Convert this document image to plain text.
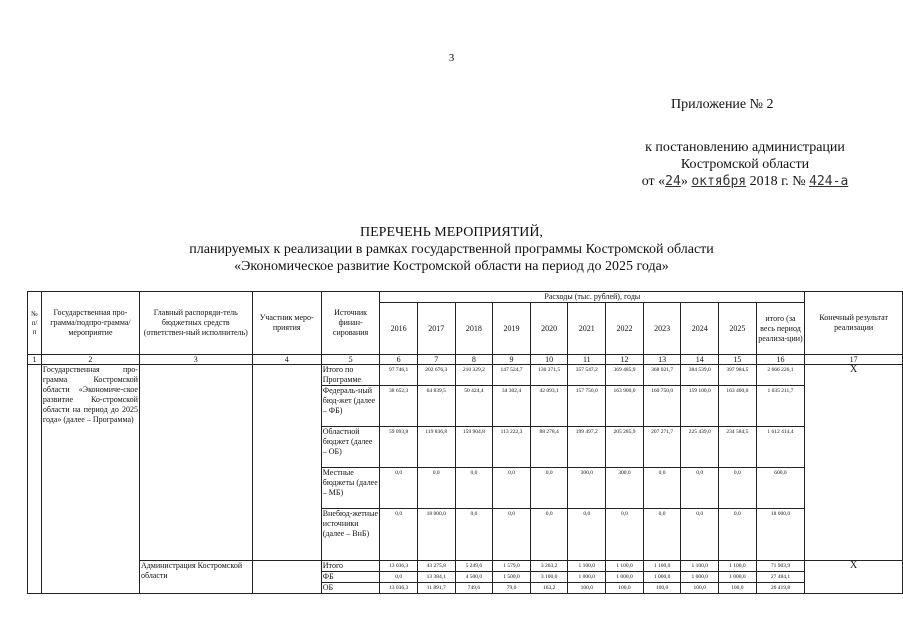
3
Приложение № 2
к постановлению администрации
Костромской области
от «24» октября 2018 г. № 424-а
ПЕРЕЧЕНЬ МЕРОПРИЯТИЙ,
планируемых к реализации в рамках государственной программы Костромской области
«Экономическое развитие Костромской области на период до 2025 года»
№ п/ п	Государственная про-грамма/подпро-грамма/мероприятие	Главный распоряди-тель бюджетных средств (ответствен-ный исполнитель)	Участник меро-приятия	Источник финан-сирования	Расходы (тыс. рублей), годы											Конечный результат реализации
					2016	2017	2018	2019	2020	2021	2022	2023	2024	2025	итого (за весь период реализа-ции)	
1	2	3	4	5	6	7	8	9	10	11	12	13	14	15	16	17
	Государственная про-грамма Костромской области «Экономиче-ское развитие Ко-стромской области на период до 2025 года» (далее – Программа)			Итого по Программе	97 746,1	202 676,3	210 329,2	147 524,7	130 371,5	357 547,2	369 485,9	368 021,7	384 539,0	397 984,5	2 666 226,1	Х
				Федераль-ный бюд-жет (далее – ФБ)	38 652,3	64 839,5	50 424,4	34 302,4	42 093,1	157 750,0	163 900,0	160 750,0	159 100,0	163 400,0	1 035 211,7	
				Областной бюджет (далее – ОБ)	59 093,8	119 836,8	159 904,8	113 222,3	88 278,4	199 497,2	205 285,9	207 271,7	225 439,0	234 584,5	1 612 414,4	
				Местные бюджеты (далее – МБ)	0,0	0,0	0,0	0,0	0,0	300,0	300,0	0,0	0,0	0,0	600,0	
				Внебюд-жетные источники (далее – ВнБ)	0,0	18 000,0	0,0	0,0	0,0	0,0	0,0	0,0	0,0	0,0	18 000,0	
		Администрация Костромской области		Итого	13 036,3	43 275,8	5 249,6	1 579,0	3 263,2	1 100,0	1 100,0	1 100,0	1 100,0	1 100,0	71 903,9	Х
				ФБ	0,0	13 384,1	4 500,0	1 500,0	3 100,0	1 000,0	1 000,0	1 000,0	1 000,0	1 000,0	27 484,1	
				ОБ	13 036,3	11 891,7	749,6	79,0	163,2	100,0	100,0	100,0	100,0	100,0	26 419,8	
